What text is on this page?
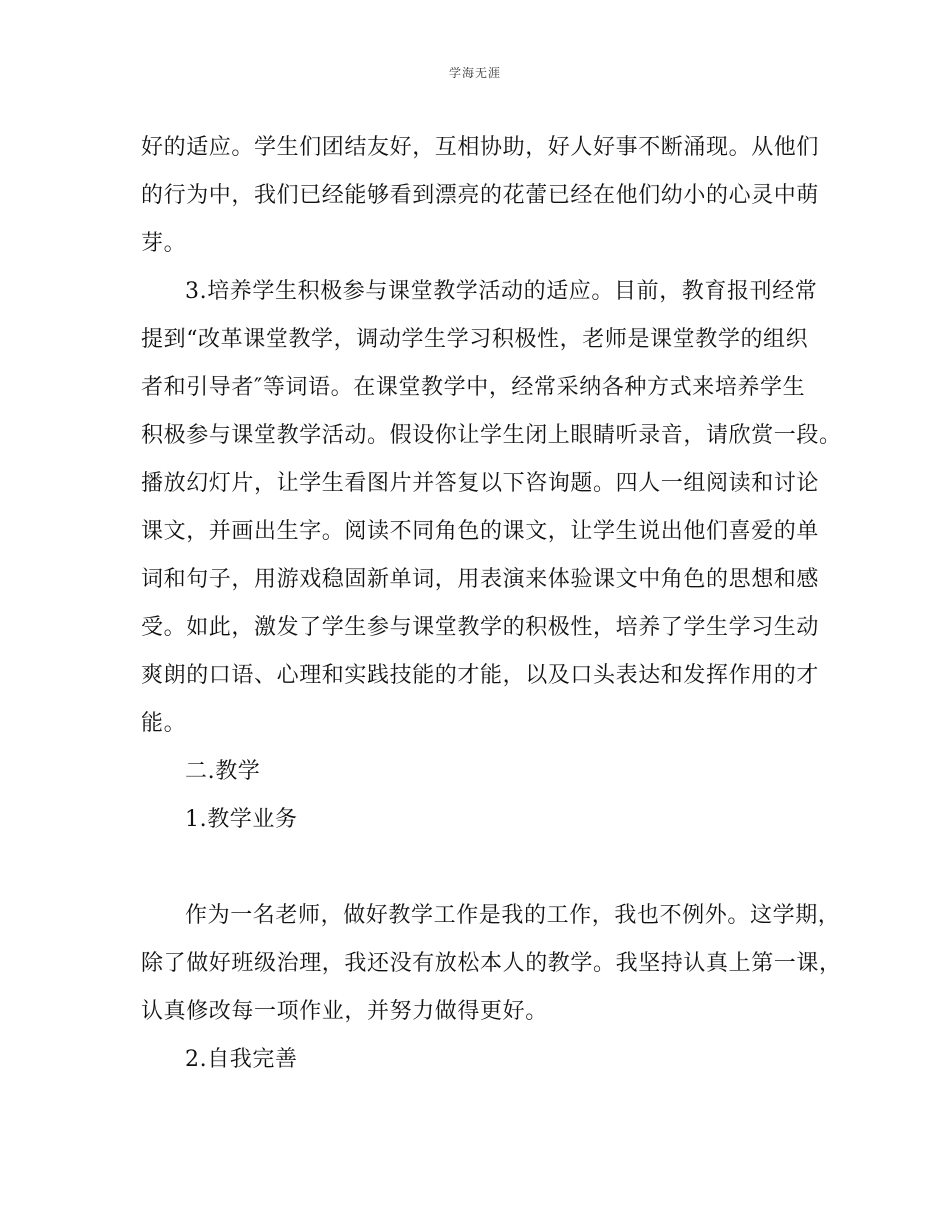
学海无涯
好的适应。学生们团结友好，互相协助，好人好事不断涌现。从他们
的行为中，我们已经能够看到漂亮的花蕾已经在他们幼小的心灵中萌
芽。
3.培养学生积极参与课堂教学活动的适应。目前，教育报刊经常
提到“改革课堂教学，调动学生学习积极性，老师是课堂教学的组织
者和引导者″等词语。在课堂教学中，经常采纳各种方式来培养学生
积极参与课堂教学活动。假设你让学生闭上眼睛听录音，请欣赏一段。
播放幻灯片，让学生看图片并答复以下咨询题。四人一组阅读和讨论
课文，并画出生字。阅读不同角色的课文，让学生说出他们喜爱的单
词和句子，用游戏稳固新单词，用表演来体验课文中角色的思想和感
受。如此，激发了学生参与课堂教学的积极性，培养了学生学习生动
爽朗的口语、心理和实践技能的才能，以及口头表达和发挥作用的才
能。
二.教学
1.教学业务
作为一名老师，做好教学工作是我的工作，我也不例外。这学期，
除了做好班级治理，我还没有放松本人的教学。我坚持认真上第一课，
认真修改每一项作业，并努力做得更好。
2.自我完善
